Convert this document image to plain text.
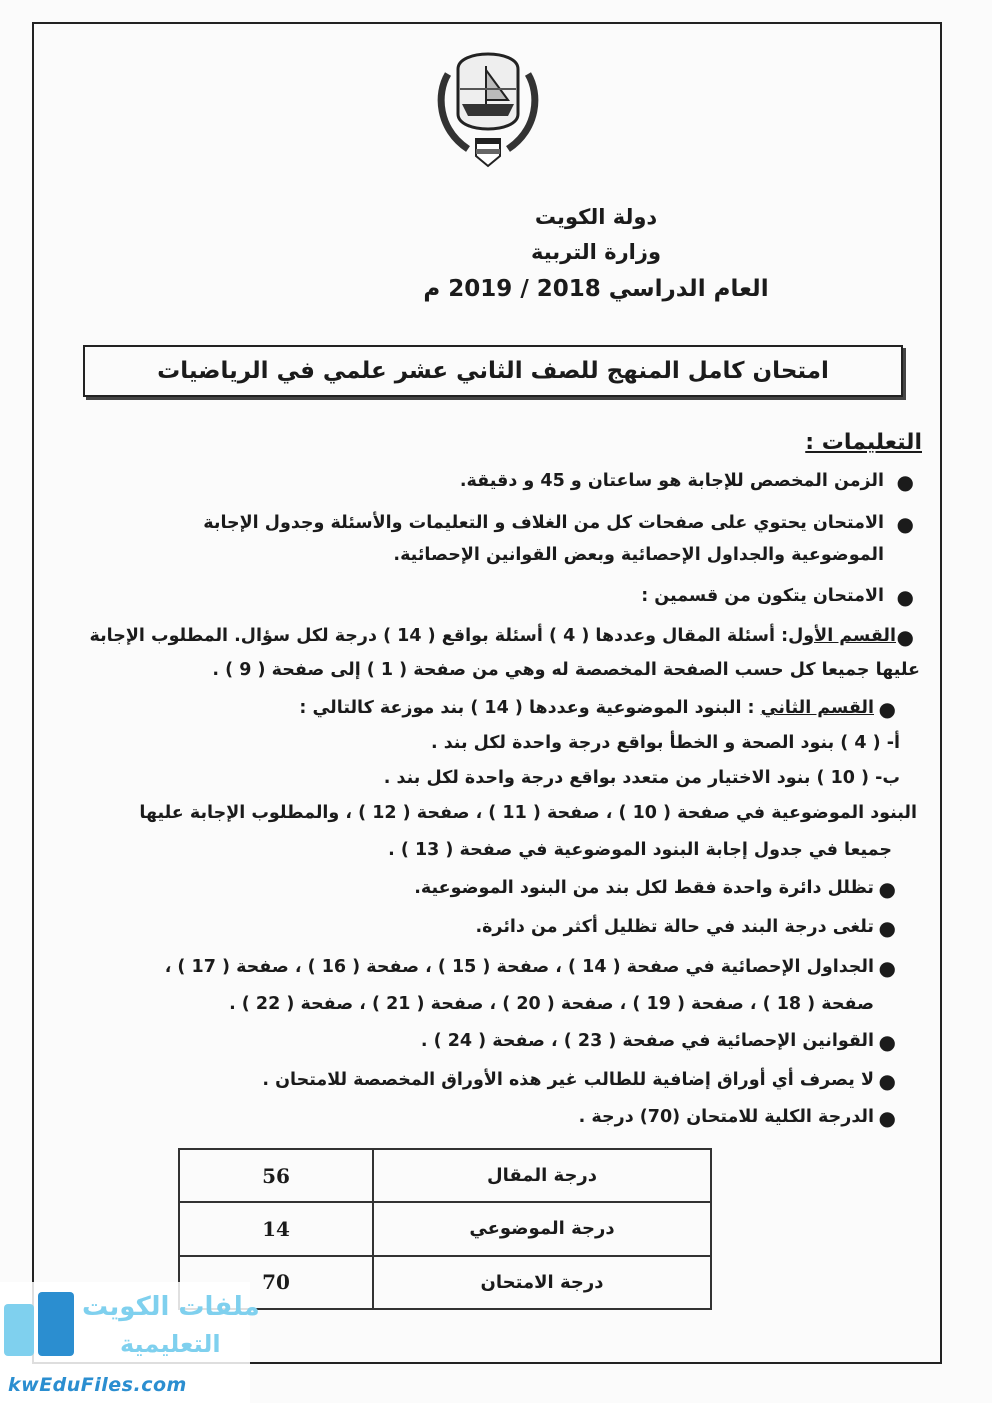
دولة الكويت
وزارة التربية
العام الدراسي 2018 / 2019 م
امتحان كامل المنهج للصف الثاني عشر علمي في الرياضيات
التعليمات :
●
الزمن المخصص للإجابة هو ساعتان و 45 و دقيقة.
●
الامتحان يحتوي على صفحات كل من الغلاف و التعليمات والأسئلة وجدول الإجابة
الموضوعية والجداول الإحصائية وبعض القوانين الإحصائية.
●
الامتحان يتكون من قسمين :
●
القسم الأول: أسئلة المقال وعددها ( 4 ) أسئلة بواقع ( 14 ) درجة لكل سؤال. المطلوب الإجابة
عليها جميعا كل حسب الصفحة المخصصة له وهي من صفحة ( 1 ) إلى صفحة ( 9 ) .
●
القسم الثاني : البنود الموضوعية وعددها ( 14 ) بند موزعة كالتالي :
أ‌- ( 4 ) بنود الصحة و الخطأ بواقع درجة واحدة لكل بند .
ب‌- ( 10 ) بنود الاختيار من متعدد بواقع درجة واحدة لكل بند .
البنود الموضوعية في صفحة ( 10 ) ، صفحة ( 11 ) ، صفحة ( 12 ) ، والمطلوب الإجابة عليها
جميعا في جدول إجابة البنود الموضوعية في صفحة ( 13 ) .
●
تظلل دائرة واحدة فقط لكل بند من البنود الموضوعية.
●
تلغى درجة البند في حالة تظليل أكثر من دائرة.
●
الجداول الإحصائية في صفحة ( 14 ) ، صفحة ( 15 ) ، صفحة ( 16 ) ، صفحة ( 17 ) ،
صفحة ( 18 ) ، صفحة ( 19 ) ، صفحة ( 20 ) ، صفحة ( 21 ) ، صفحة ( 22 ) .
●
القوانين الإحصائية في صفحة ( 23 ) ، صفحة ( 24 ) .
●
لا يصرف أي أوراق إضافية للطالب غير هذه الأوراق المخصصة للامتحان .
●
الدرجة الكلية للامتحان (70) درجة .
درجة المقال	56
درجة الموضوعي	14
درجة الامتحان	70
ملفات الكويت
التعليمية
kwEduFiles.com
